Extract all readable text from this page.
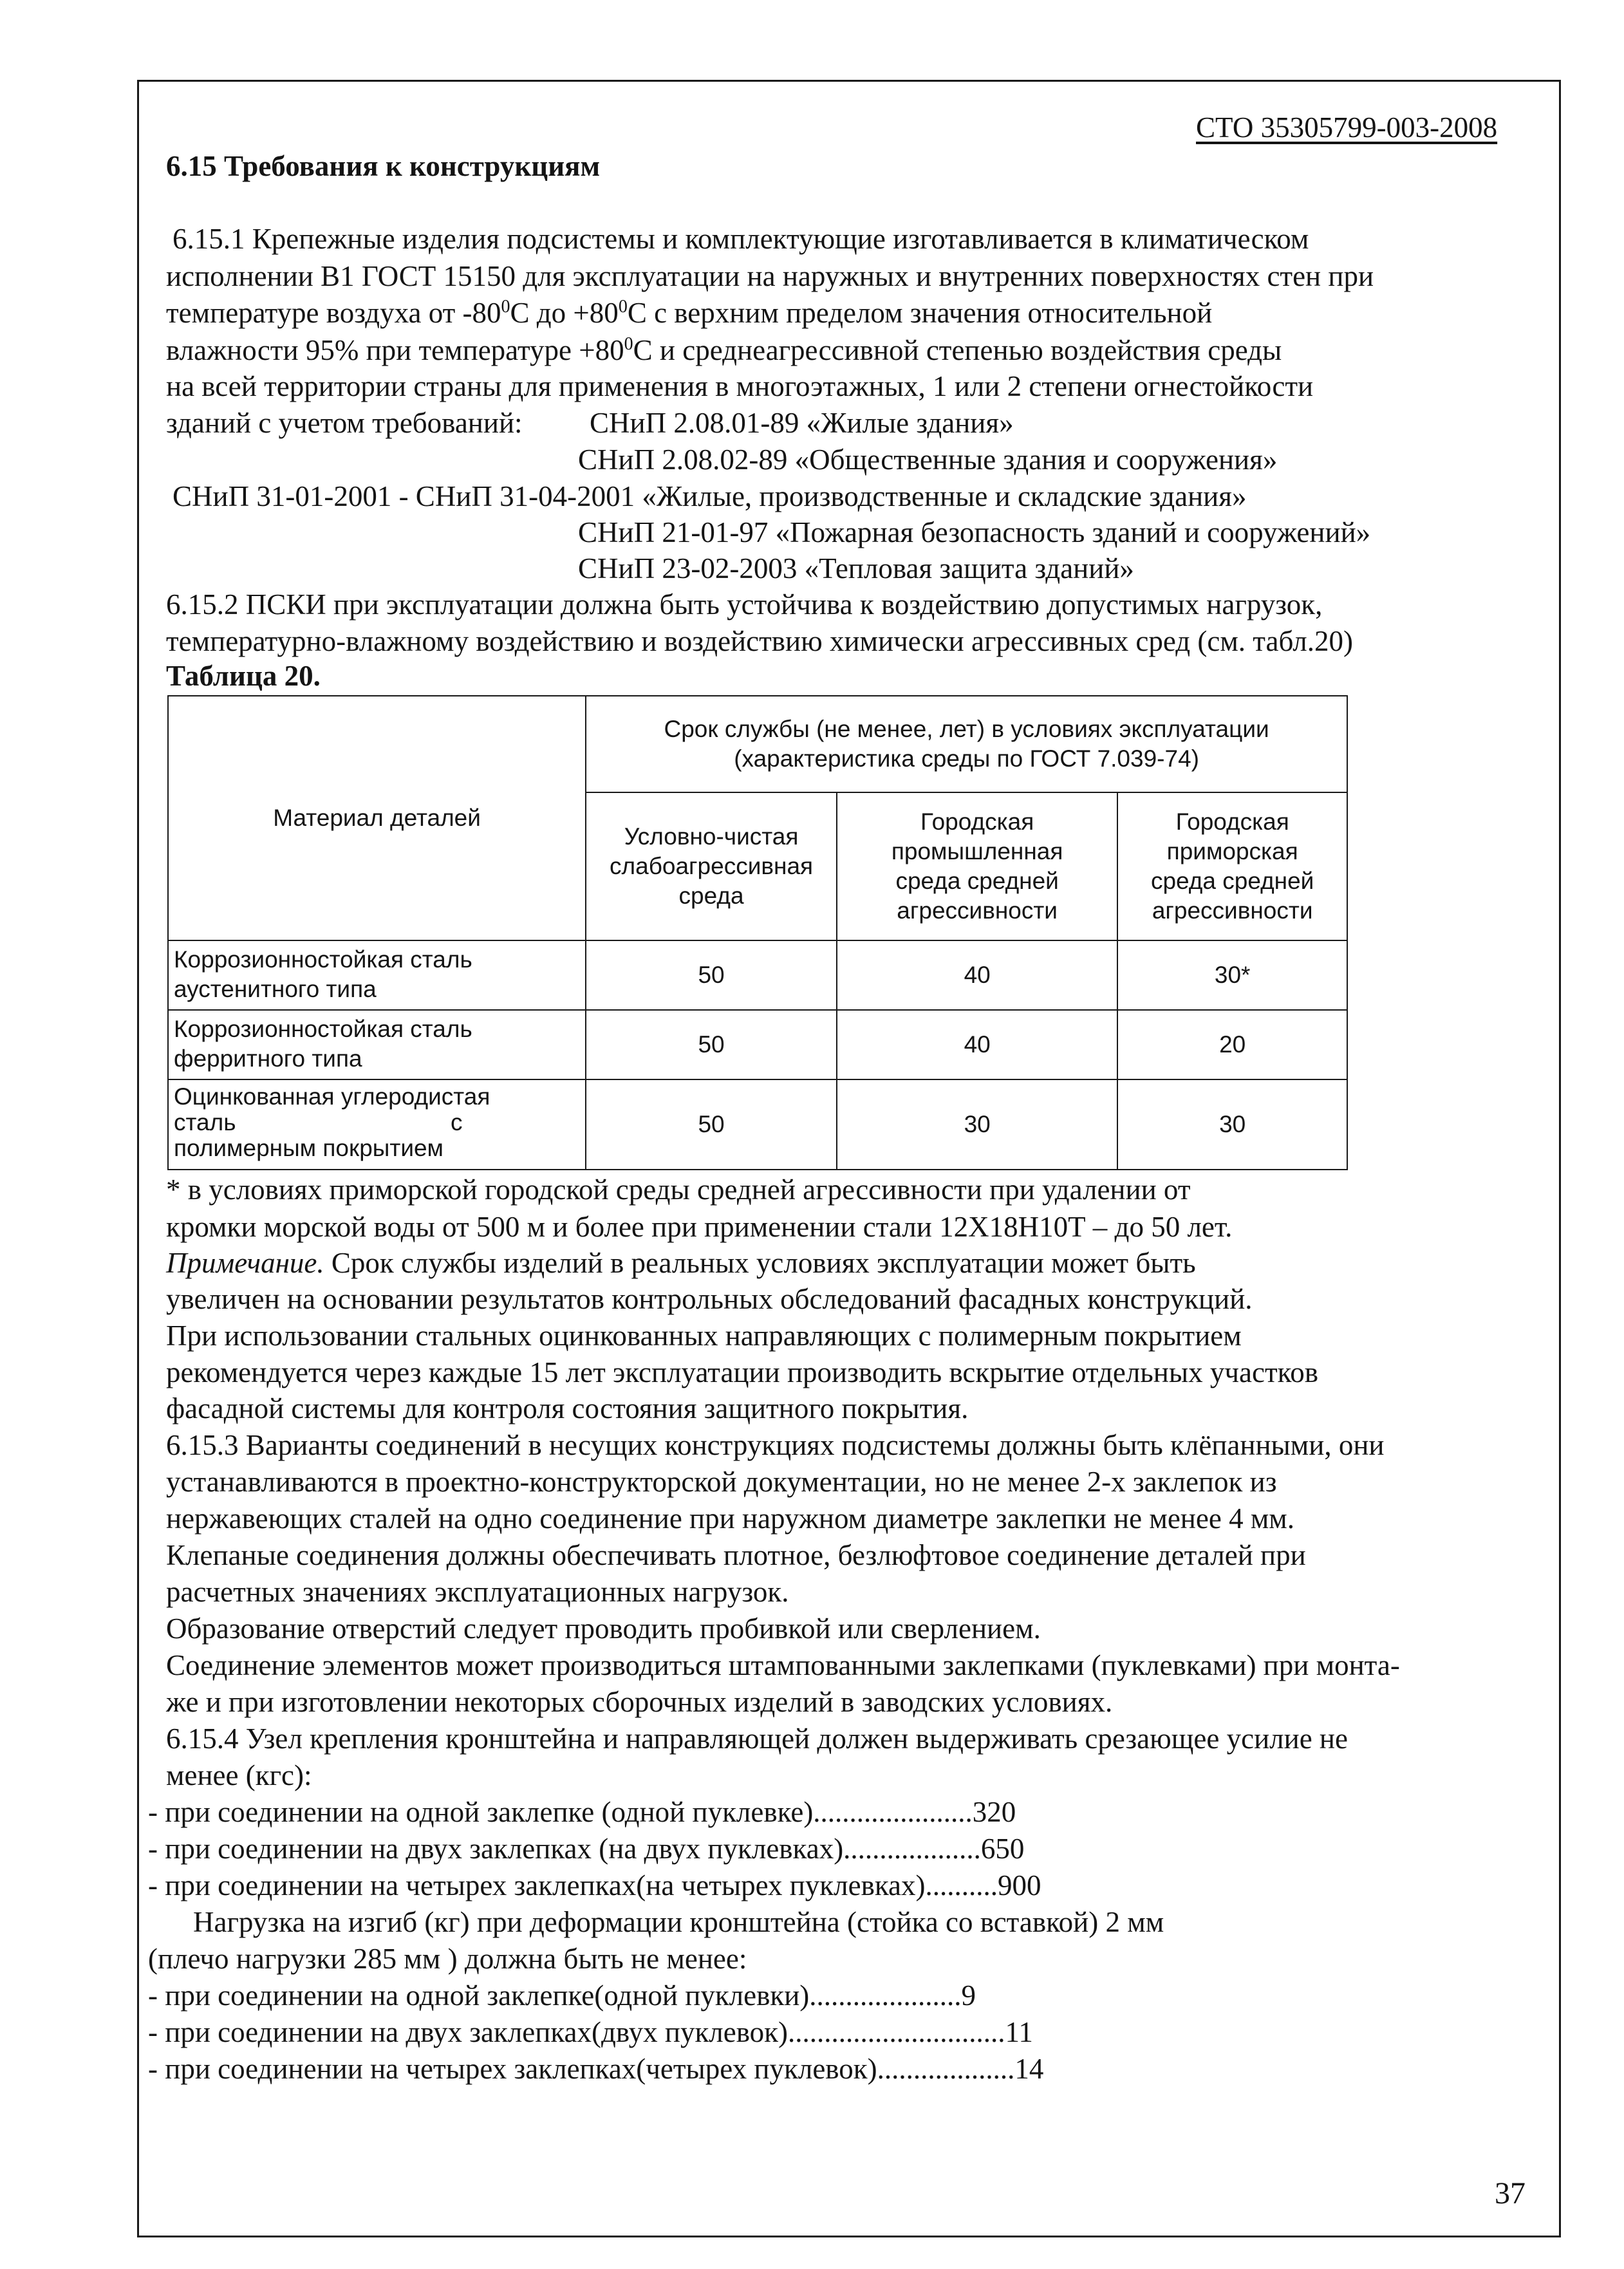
СТО 35305799-003-2008
6.15 Требования к конструкциям
6.15.1 Крепежные изделия подсистемы и комплектующие изготавливается в климатическом
исполнении В1 ГОСТ 15150 для эксплуатации на наружных и внутренних поверхностях стен при
температуре воздуха от $-80^0С$ до $+80^0С$ с верхним пределом значения относительной
влажности 95% при температуре $+80^0С$ и среднеагрессивной степенью воздействия среды
на всей территории страны для применения в многоэтажных, 1 или 2 степени огнестойкости
зданий с учетом требований: СНиП 2.08.01-89 «Жилые здания»
СНиП 2.08.02-89 «Общественные здания и сооружения»
СНиП 31-01-2001 - СНиП 31-04-2001 «Жилые, производственные и складские здания»
СНиП 21-01-97 «Пожарная безопасность зданий и сооружений»
СНиП 23-02-2003 «Тепловая защита зданий»
6.15.2 ПСКИ при эксплуатации должна быть устойчива к воздействию допустимых нагрузок,
температурно-влажному воздействию и воздействию химически агрессивных сред (см. табл.20)
Таблица 20.
Материал деталей	Срок службы (не менее, лет) в условиях эксплуатации
(характеристика среды по ГОСТ 7.039-74)		
	Условно-чистая
слабоагрессивная
среда	Городская
промышленная
среда средней
агрессивности	Городская
приморская
среда средней
агрессивности
Коррозионностойкая сталь
аустенитного типа	50	40	30*
Коррозионностойкая сталь
ферритного типа	50	40	20
Оцинкованная углеродистая
сталь с
полимерным покрытием	50	30	30
* в условиях приморской городской среды средней агрессивности при удалении от
кромки морской воды от 500 м и более при применении стали 12Х18Н10Т – до 50 лет.
Примечание. Срок службы изделий в реальных условиях эксплуатации может быть
увеличен на основании результатов контрольных обследований фасадных конструкций.
При использовании стальных оцинкованных направляющих с полимерным покрытием
рекомендуется через каждые 15 лет эксплуатации производить вскрытие отдельных участков
фасадной системы для контроля состояния защитного покрытия.
6.15.3 Варианты соединений в несущих конструкциях подсистемы должны быть клёпанными, они
устанавливаются в проектно-конструкторской документации, но не менее 2-х заклепок из
нержавеющих сталей на одно соединение при наружном диаметре заклепки не менее 4 мм.
Клепаные соединения должны обеспечивать плотное, безлюфтовое соединение деталей при
расчетных значениях эксплуатационных нагрузок.
Образование отверстий следует проводить пробивкой или сверлением.
Соединение элементов может производиться штампованными заклепками (пуклевками) при монта-
же и при изготовлении некоторых сборочных изделий в заводских условиях.
6.15.4 Узел крепления кронштейна и направляющей должен выдерживать срезающее усилие не
менее (кгс):
- при соединении на одной заклепке (одной пуклевке)......................320
- при соединении на двух заклепках (на двух пуклевках)...................650
- при соединении на четырех заклепках(на четырех пуклевках)..........900
Нагрузка на изгиб (кг) при деформации кронштейна (стойка со вставкой) 2 мм
(плечо нагрузки 285 мм ) должна быть не менее:
- при соединении на одной заклепке(одной пуклевки).....................9
- при соединении на двух заклепках(двух пуклевок)..............................11
- при соединении на четырех заклепках(четырех пуклевок)...................14
37
